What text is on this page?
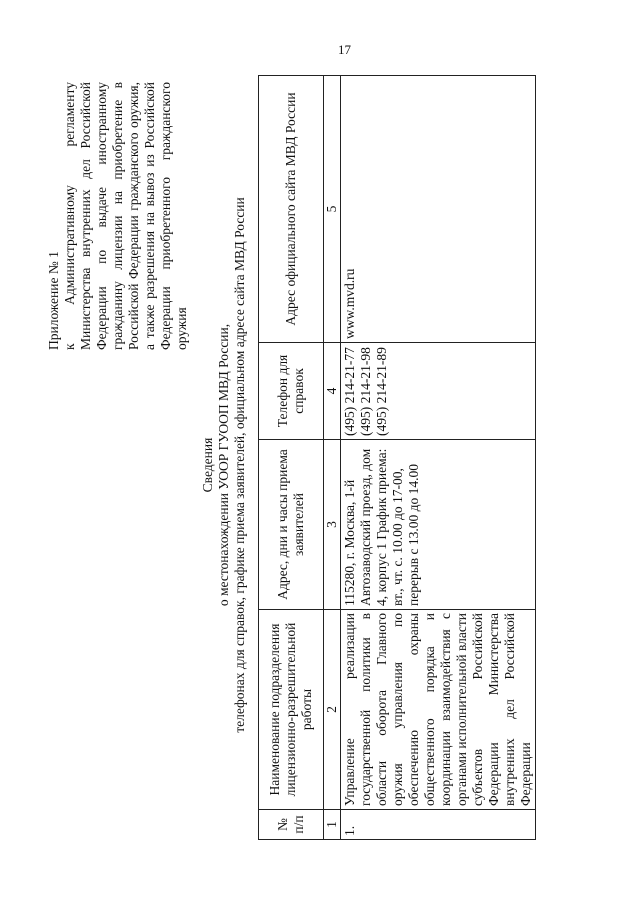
17
Приложение № 1 к Административному регламенту Министерства внутренних дел Российской Федерации по выдаче иностранному гражданину лицензии на приобретение в Российской Федерации гражданского оружия, а также разрешения на вывоз из Российской Федерации приобретенного гражданского оружия
Сведения о местонахождении УООР ГУООП МВД России, телефонах для справок, графике приема заявителей, официальном адресе сайта МВД России
№ п/п	Наименование подразделения лицензионно-разрешительной работы	Адрес, дни и часы приема заявителей	Телефон для справок	Адрес официального сайта МВД России
1	2	3	4	5
1.	Управление реализации государственной политики в области оборота Главного оружия управления по обеспечению охраны общественного порядка и координации взаимодействия с органами исполнительной власти субъектов Российской Федерации Министерства внутренних дел Российской Федерации	115280, г. Москва, 1-й Автозаводский проезд, дом 4, корпус 1 График приема: вт., чт. с. 10.00 до 17-00, перерыв с 13.00 до 14.00	(495) 214-21-77 (495) 214-21-98 (495) 214-21-89	www.mvd.ru
